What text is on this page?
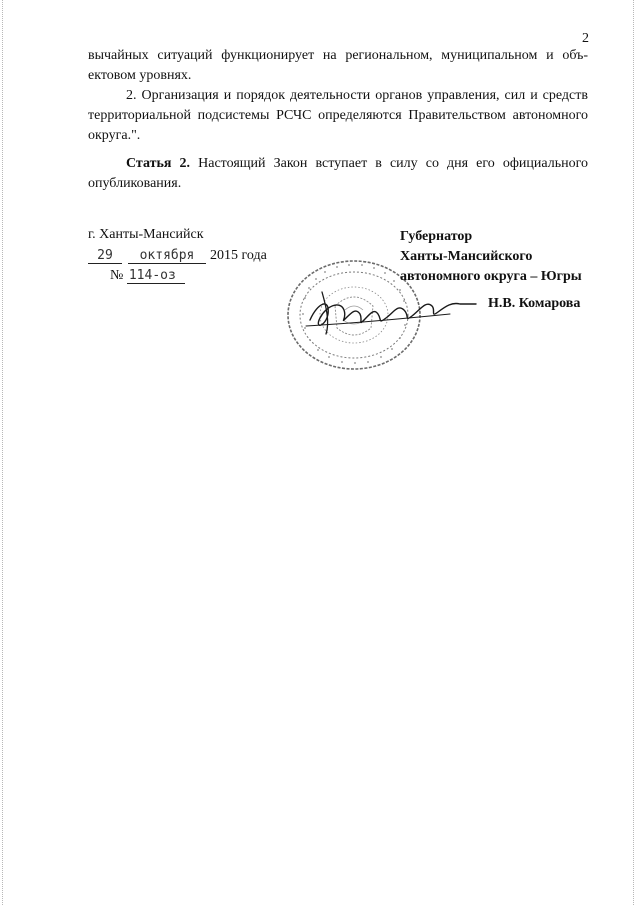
2

вычайных ситуаций функционирует на региональном, муниципальном и объ-ектовом уровнях.

2. Организация и порядок деятельности органов управления, сил и средств территориальной подсистемы РСЧС определяются Правительством автономного округа.".

Статья 2. Настоящий Закон вступает в силу со дня его официального опубликования.

г. Ханты-Мансийск
29 октября 2015 года
№ 114-оз
Губернатор
Ханты-Мансийского
автономного округа – Югры
Н.В. Комарова
